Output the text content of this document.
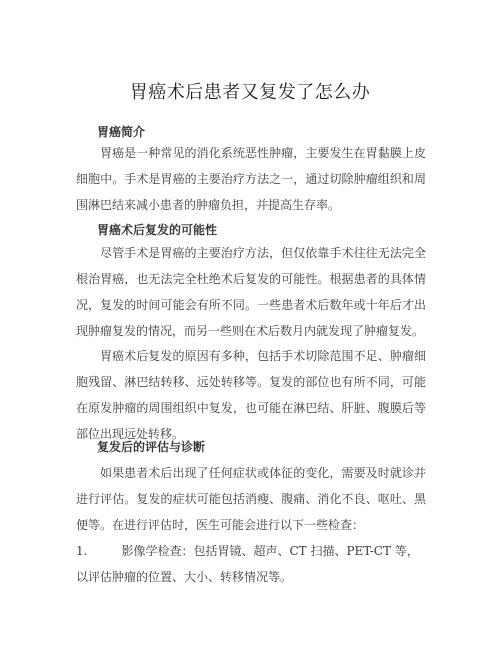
胃癌术后患者又复发了怎么办
胃癌简介
胃癌是一种常见的消化系统恶性肿瘤，主要发生在胃黏膜上皮细胞中。手术是胃癌的主要治疗方法之一，通过切除肿瘤组织和周围淋巴结来减小患者的肿瘤负担，并提高生存率。
胃癌术后复发的可能性
尽管手术是胃癌的主要治疗方法，但仅依靠手术往往无法完全根治胃癌，也无法完全杜绝术后复发的可能性。根据患者的具体情况，复发的时间可能会有所不同。一些患者术后数年或十年后才出现肿瘤复发的情况，而另一些则在术后数月内就发现了肿瘤复发。
胃癌术后复发的原因有多种，包括手术切除范围不足、肿瘤细胞残留、淋巴结转移、远处转移等。复发的部位也有所不同，可能在原发肿瘤的周围组织中复发，也可能在淋巴结、肝脏、腹膜后等部位出现远处转移。
复发后的评估与诊断
如果患者术后出现了任何症状或体征的变化，需要及时就诊并进行评估。复发的症状可能包括消瘦、腹痛、消化不良、呕吐、黑便等。在进行评估时，医生可能会进行以下一些检查：
1.	影像学检查：包括胃镜、超声、CT 扫描、PET-CT 等，以评估肿瘤的位置、大小、转移情况等。
